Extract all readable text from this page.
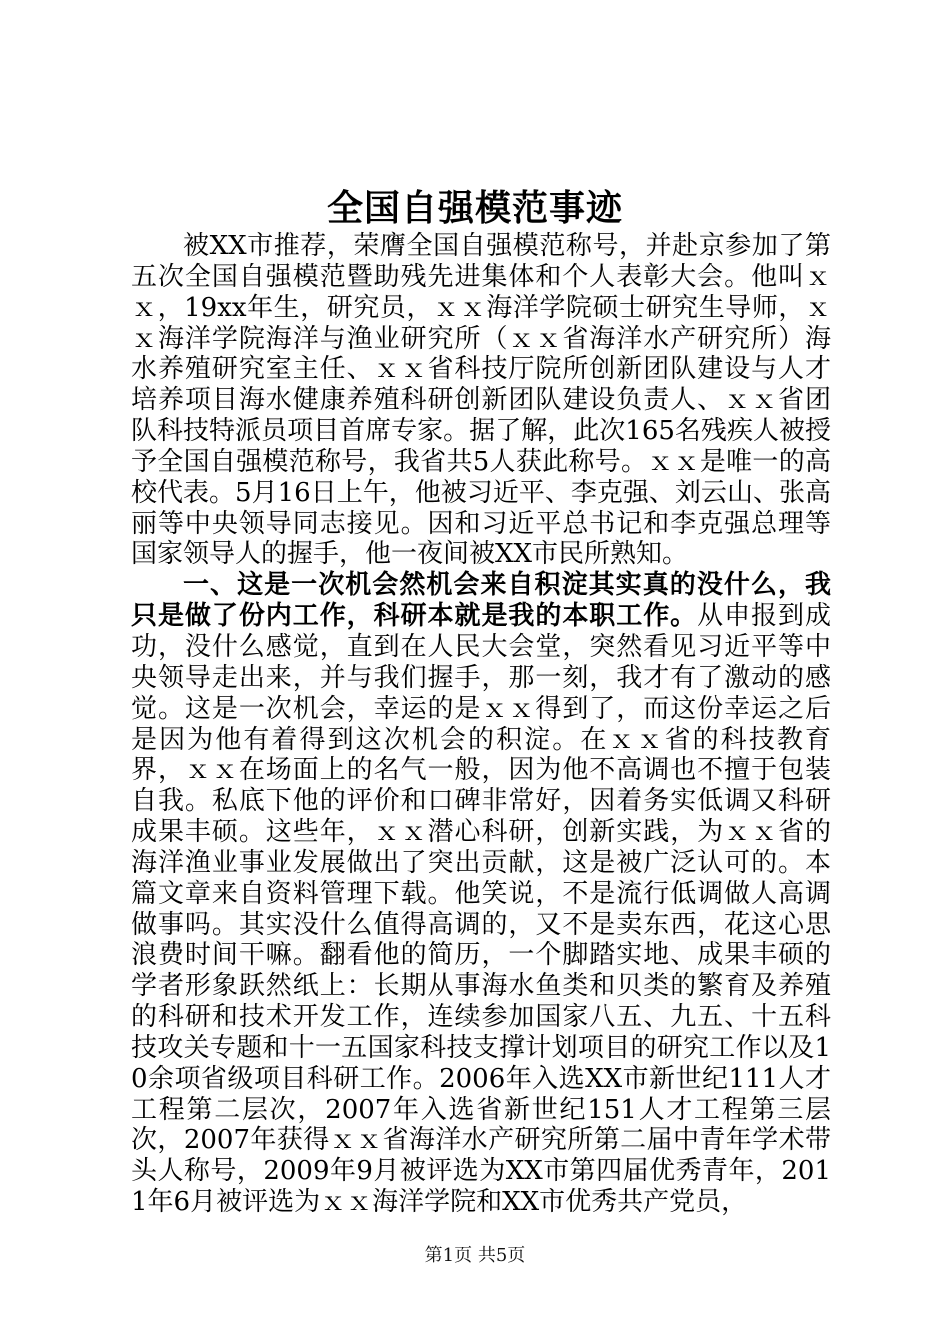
全国自强模范事迹

被XX市推荐，荣膺全国自强模范称号，并赴京参加了第五次全国自强模范暨助残先进集体和个人表彰大会。他叫ｘｘ，19xx年生，研究员，ｘｘ海洋学院硕士研究生导师，ｘｘ海洋学院海洋与渔业研究所（ｘｘ省海洋水产研究所）海水养殖研究室主任、ｘｘ省科技厅院所创新团队建设与人才培养项目海水健康养殖科研创新团队建设负责人、ｘｘ省团队科技特派员项目首席专家。据了解，此次165名残疾人被授予全国自强模范称号，我省共5人获此称号。ｘｘ是唯一的高校代表。5月16日上午，他被习近平、李克强、刘云山、张高丽等中央领导同志接见。因和习近平总书记和李克强总理等国家领导人的握手，他一夜间被XX市民所熟知。

一、这是一次机会然机会来自积淀其实真的没什么，我只是做了份内工作，科研本就是我的本职工作。从申报到成功，没什么感觉，直到在人民大会堂，突然看见习近平等中央领导走出来，并与我们握手，那一刻，我才有了激动的感觉。这是一次机会，幸运的是ｘｘ得到了，而这份幸运之后是因为他有着得到这次机会的积淀。在ｘｘ省的科技教育界，ｘｘ在场面上的名气一般，因为他不高调也不擅于包装自我。私底下他的评价和口碑非常好，因着务实低调又科研成果丰硕。这些年，ｘｘ潜心科研，创新实践，为ｘｘ省的海洋渔业事业发展做出了突出贡献，这是被广泛认可的。本篇文章来自资料管理下载。他笑说，不是流行低调做人高调做事吗。其实没什么值得高调的，又不是卖东西，花这心思浪费时间干嘛。翻看他的简历，一个脚踏实地、成果丰硕的学者形象跃然纸上：长期从事海水鱼类和贝类的繁育及养殖的科研和技术开发工作，连续参加国家八五、九五、十五科技攻关专题和十一五国家科技支撑计划项目的研究工作以及10余项省级项目科研工作。2006年入选XX市新世纪111人才工程第二层次，2007年入选省新世纪151人才工程第三层次，2007年获得ｘｘ省海洋水产研究所第二届中青年学术带头人称号，2009年9月被评选为XX市第四届优秀青年，2011年6月被评选为ｘｘ海洋学院和XX市优秀共产党员，

第1页 共5页
